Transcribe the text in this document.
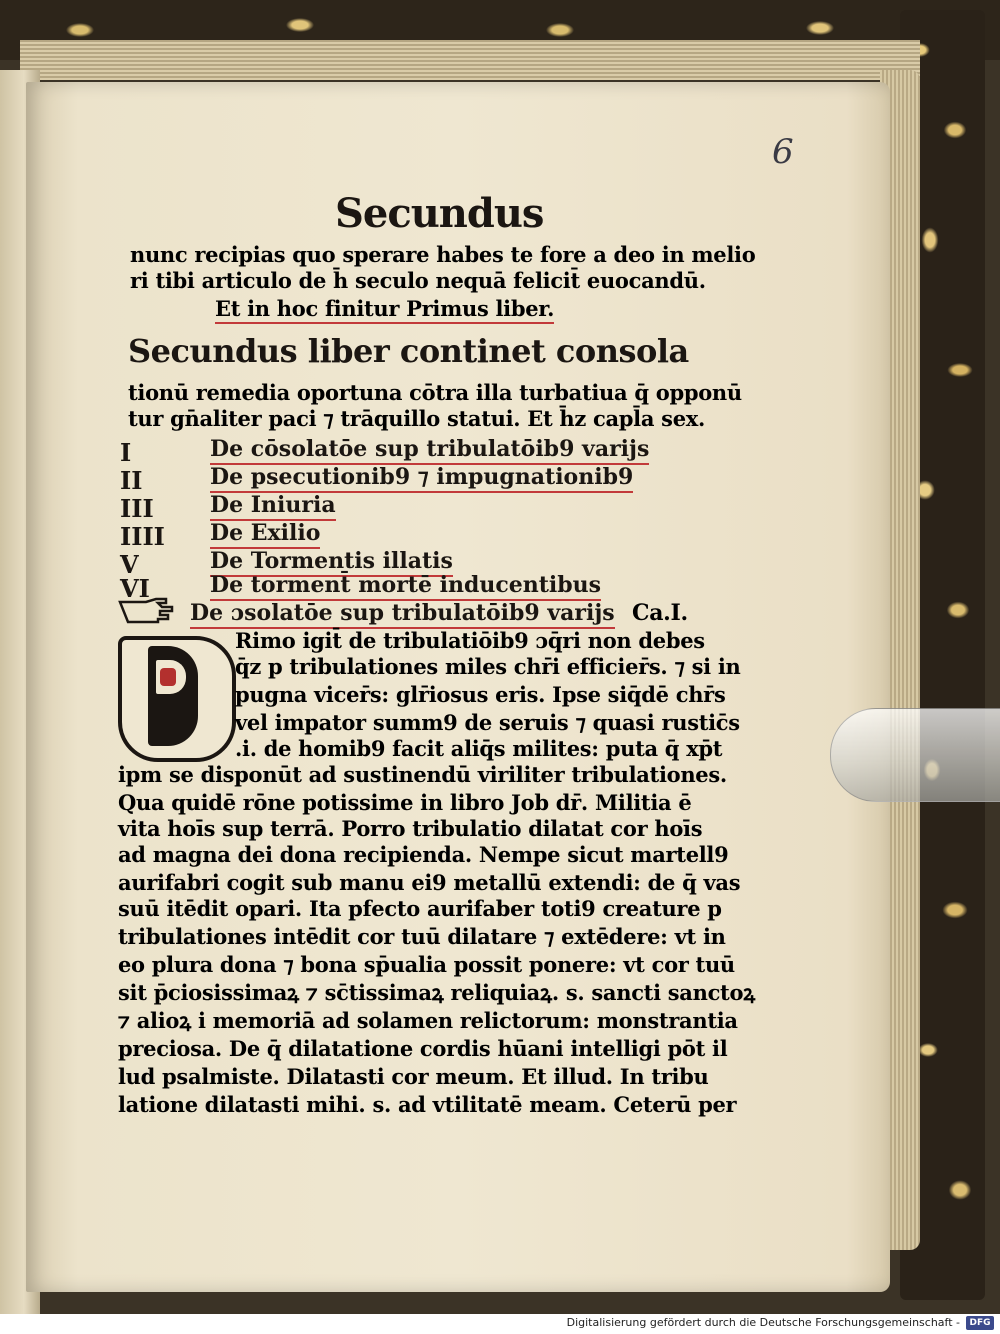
6
Secundus
nunc recipias quo sperare habes te fore a deo in melio
ri tibi articulo de h̄ seculo nequā felicit̄ euocandū.
Et in hoc finitur Primus liber.
Secundus liber continet consola
tionū remedia oportuna cōtra illa turbatiua q̄ opponū
tur gn̄aliter paci ⁊ trāquillo statui. Et h̄z capl̄a sex.
I	De cōsolatōe sup tribulatōib9 varijs
II	De psecutionib9 ⁊ impugnationib9
III	De Iniuria
IIII De Exilio
V	De Tormentis illatis
VI	De torment̄ mortē inducentibus
De ɔsolatōe sup tribulatōib9 varijs Ca.I.
Rimo igit̄ de tribulatiōib9 ɔq̄ri non debes
q̄z p tribulationes miles chr̄i efficier̄s. ⁊ si in
pugna vicer̄s: glr̄iosus eris. Ipse siq̄dē chr̄s
vel impator summ9 de seruis ⁊ quasi rustic̄s
.i. de homib9 facit aliq̄s milites: puta q̄ xp̄t
ipm se disponūt ad sustinendū viriliter tribulationes.
Qua quidē rōne potissime in libro Job dr̄. Militia ē
vita hoīs sup terrā. Porro tribulatio dilatat cor hoīs
ad magna dei dona recipienda. Nempe sicut martell9
aurifabri cogit sub manu ei9 metallū extendi: de q̄ vas
suū itēdit opari. Ita pfecto aurifaber toti9 creature p
tribulationes intēdit cor tuū dilatare ⁊ extēdere: vt in
eo plura dona ⁊ bona sp̄ualia possit ponere: vt cor tuū
sit p̄ciosissimaꝝ ⁊ sc̄tissimaꝝ reliquiaꝝ. s. sancti sanctoꝝ
⁊ alioꝝ i memoriā ad solamen relictorum: monstrantia
preciosa. De q̄ dilatatione cordis hūani intelligi pōt il
lud psalmiste. Dilatasti cor meum. Et illud. In tribu
latione dilatasti mihi. s. ad vtilitatē meam. Ceterū per
Digitalisierung gefördert durch die Deutsche Forschungsgemeinschaft -	DFG
